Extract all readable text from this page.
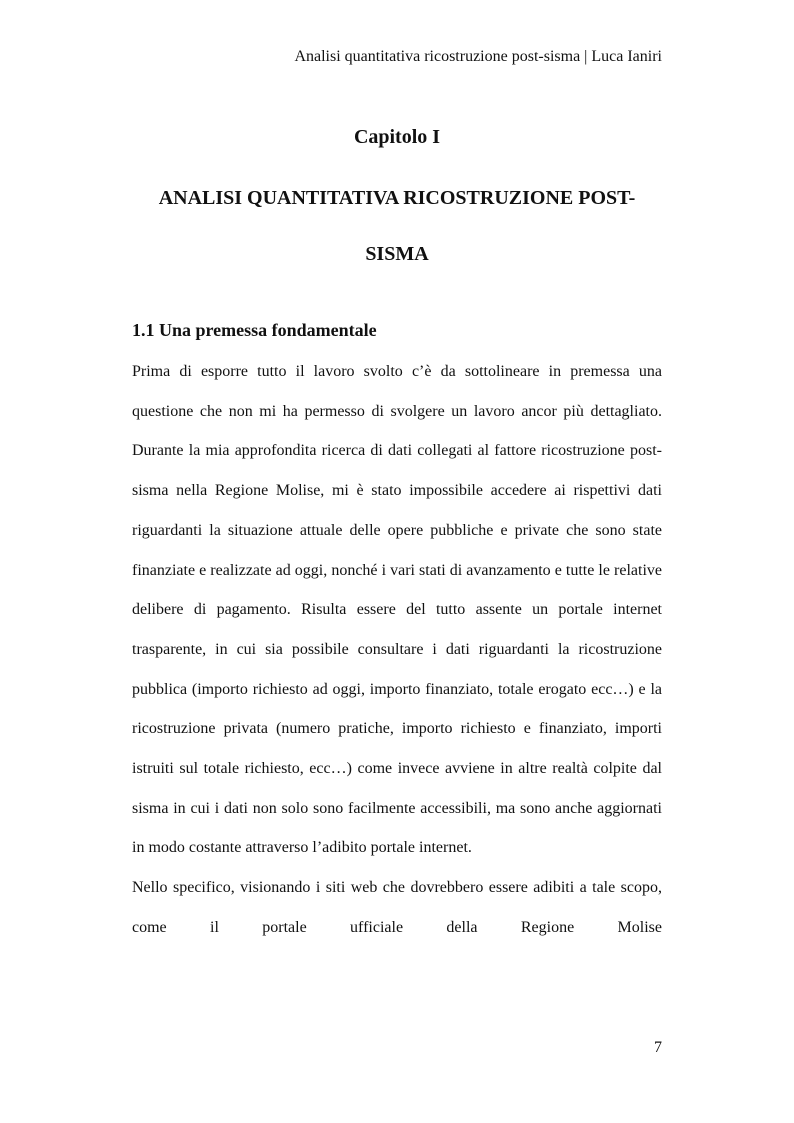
Analisi quantitativa ricostruzione post-sisma | Luca Ianiri
Capitolo I
ANALISI QUANTITATIVA RICOSTRUZIONE POST-SISMA
1.1 Una premessa fondamentale

Prima di esporre tutto il lavoro svolto c’è da sottolineare in premessa una questione che non mi ha permesso di svolgere un lavoro ancor più dettagliato. Durante la mia approfondita ricerca di dati collegati al fattore ricostruzione post-sisma nella Regione Molise, mi è stato impossibile accedere ai rispettivi dati riguardanti la situazione attuale delle opere pubbliche e private che sono state finanziate e realizzate ad oggi, nonché i vari stati di avanzamento e tutte le relative delibere di pagamento. Risulta essere del tutto assente un portale internet trasparente, in cui sia possibile consultare i dati riguardanti la ricostruzione pubblica (importo richiesto ad oggi, importo finanziato, totale erogato ecc…) e la ricostruzione privata (numero pratiche, importo richiesto e finanziato, importi istruiti sul totale richiesto, ecc…) come invece avviene in altre realtà colpite dal sisma in cui i dati non solo sono facilmente accessibili, ma sono anche aggiornati in modo costante attraverso l’adibito portale internet.

Nello specifico, visionando i siti web che dovrebbero essere adibiti a tale scopo, come il portale ufficiale della Regione Molise

7
